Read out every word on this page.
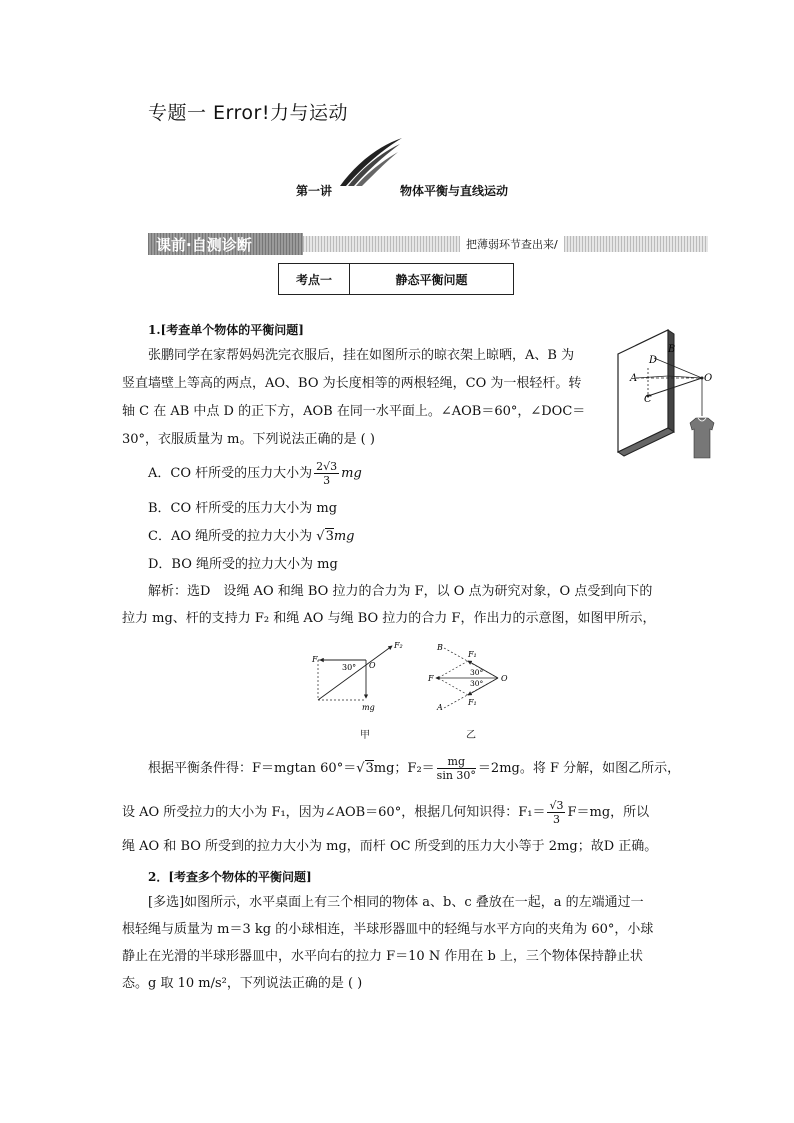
专题一 Error!力与运动
第一讲	物体平衡与直线运动
课前·自测诊断	把薄弱环节查出来/
考点一	静态平衡问题
1.[考查单个物体的平衡问题]
张鹏同学在家帮妈妈洗完衣服后，挂在如图所示的晾衣架上晾晒，A、B 为
竖直墙壁上等高的两点，AO、BO 为长度相等的两根轻绳，CO 为一根轻杆。转
轴 C 在 AB 中点 D 的正下方，AOB 在同一水平面上。∠AOB＝60°，∠DOC＝
30°，衣服质量为 m。下列说法正确的是 ( )
A
B
D
C
O
A．CO 杆所受的压力大小为 $\frac{2√3}{3}$ mg
B．CO 杆所受的压力大小为 mg
C．AO 绳所受的拉力大小为 √3mg
D．BO 绳所受的拉力大小为 mg
解析：选D　设绳 AO 和绳 BO 拉力的合力为 F，以 O 点为研究对象，O 点受到向下的
拉力 mg、杆的支持力 F₂ 和绳 AO 与绳 BO 拉力的合力 F，作出力的示意图，如图甲所示，
F
F₂
30° O
mg
甲
B
A
F
F₁
F₁
30°
30°
O
乙
根据平衡条件得：F＝mgtan 60°＝√3mg；$F_2= \frac{mg}{\sin 30^\circ} =2mg$。将 F 分解，如图乙所示，
设 AO 所受拉力的大小为 F₁，因为∠AOB＝60°，根据几何知识得：$F_1= \frac{√3}{3} F=mg$，所以
绳 AO 和 BO 所受到的拉力大小为 mg，而杆 OC 所受到的压力大小等于 2mg；故D 正确。
2．[考查多个物体的平衡问题]
[多选]如图所示，水平桌面上有三个相同的物体 a、b、c 叠放在一起，a 的左端通过一
根轻绳与质量为 m＝3 kg 的小球相连，半球形器皿中的轻绳与水平方向的夹角为 60°，小球
静止在光滑的半球形器皿中，水平向右的拉力 F＝10 N 作用在 b 上，三个物体保持静止状
态。g 取 10 m/s²，下列说法正确的是 ( )
